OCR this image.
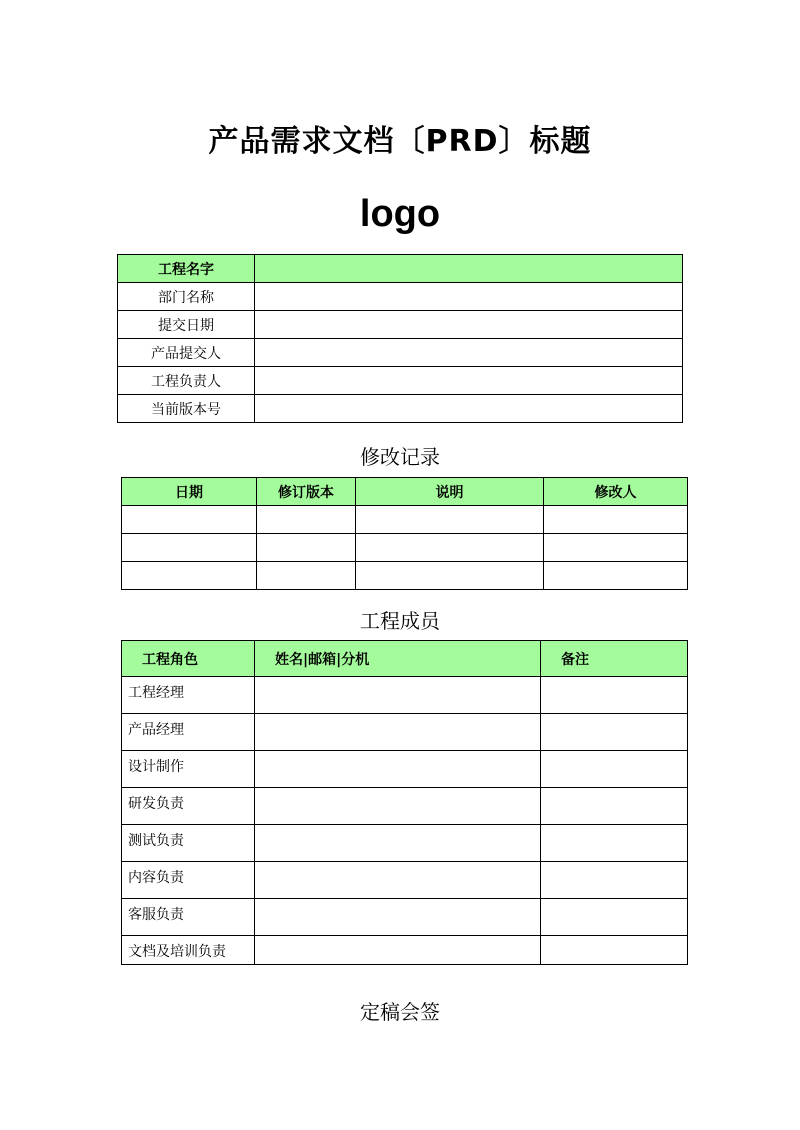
产品需求文档〔PRD〕标题
logo
工程名字	
部门名称	
提交日期	
产品提交人	
工程负责人	
当前版本号	
修改记录
日期	修订版本	说明	修改人

工程成员
工程角色	姓名|邮箱|分机	备注
工程经理		
产品经理		
设计制作		
研发负责		
测试负责		
内容负责		
客服负责		
文档及培训负责		
定稿会签
